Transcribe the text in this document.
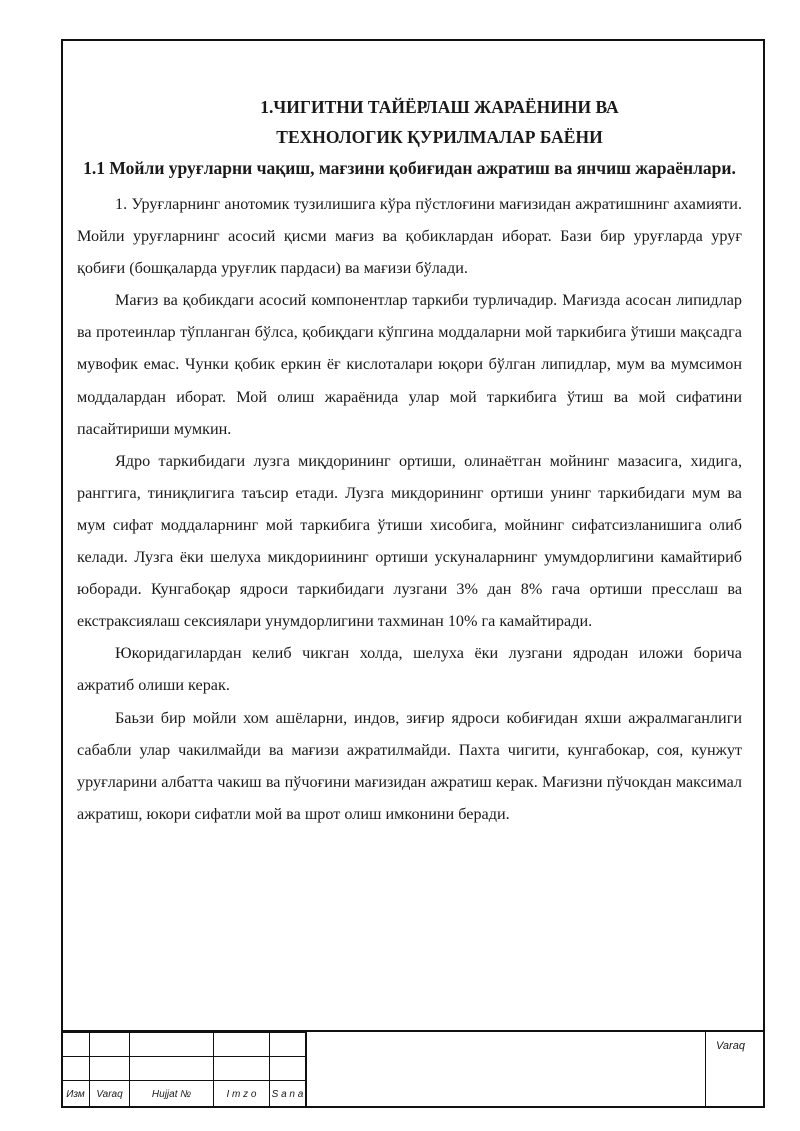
1.ЧИГИТНИ ТАЙЁРЛАШ ЖАРАЁНИНИ ВА

ТЕХНОЛОГИК ҚУРИЛМАЛАР БАЁНИ

1.1 Мойли уруғларни чақиш, мағзини қобиғидан ажратиш ва янчиш жараёнлари.

1. Уруғларнинг анотомик тузилишига кўра пўстлоғини мағизидан ажратишнинг ахамияти. Мойли уруғларнинг асосий қисми мағиз ва қобиклардан иборат. Бази бир уруғларда уруғ қобиғи (бошқаларда уруғлик пардаси) ва мағизи бўлади.

Мағиз ва қобикдаги асосий компонентлар таркиби турличадир. Мағизда асосан липидлар ва протеинлар тўпланган бўлса, қобиқдаги кўпгина моддаларни мой таркибига ўтиши мақсадга мувофик емас. Чунки қобик еркин ёғ кислоталари юқори бўлган липидлар, мум ва мумсимон моддалардан иборат. Мой олиш жараёнида улар мой таркибига ўтиш ва мой сифатини пасайтириши мумкин.

Ядро таркибидаги лузга миқдорининг ортиши, олинаётган мойнинг мазасига, хидига, ранггига, тиниқлигига таъсир етади. Лузга микдорининг ортиши унинг таркибидаги мум ва мум сифат моддаларнинг мой таркибига ўтиши хисобига, мойнинг сифатсизланишига олиб келади. Лузга ёки шелуха микдориининг ортиши ускуналарнинг умумдорлигини камайтириб юборади. Кунгабоқар ядроси таркибидаги лузгани 3% дан 8% гача ортиши пресслаш ва екстраксиялаш сексиялари унумдорлигини тахминан 10% га камайтиради.

Юкоридагилардан келиб чикган холда, шелуха ёки лузгани ядродан иложи борича ажратиб олиши керак.

Баьзи бир мойли хом ашёларни, индов, зиғир ядроси кобиғидан яхши ажралмаганлиги сабабли улар чакилмайди ва мағизи ажратилмайди. Пахта чигити, кунгабокар, соя, кунжут уруғларини албатта чакиш ва пўчоғини мағизидан ажратиш керак. Мағизни пўчокдан максимал ажратиш, юкори сифатли мой ва шрот олиш имконини беради.

Изм	Varaq	Hujjat №	I m z o	S a n a
Varaq
